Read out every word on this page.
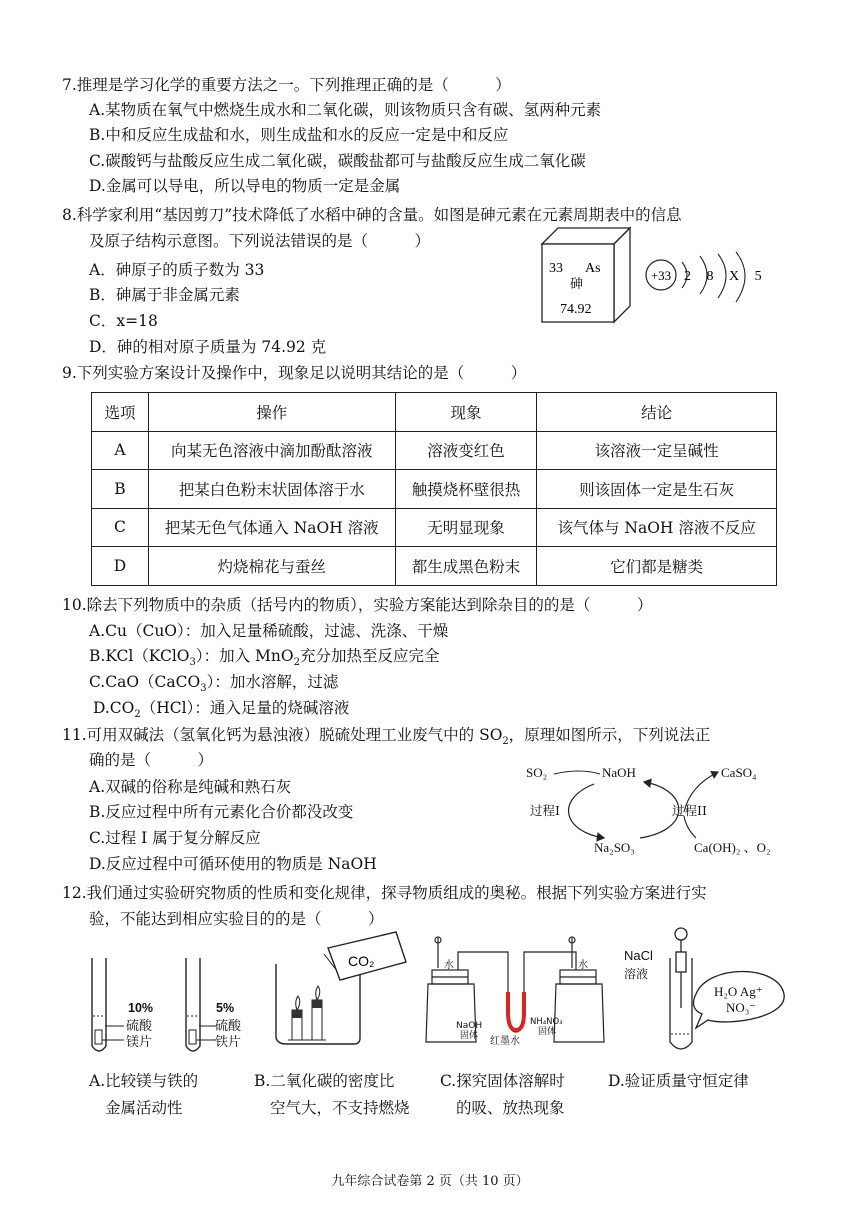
7.推理是学习化学的重要方法之一。下列推理正确的是（　　　）
A.某物质在氧气中燃烧生成水和二氧化碳，则该物质只含有碳、氢两种元素
B.中和反应生成盐和水，则生成盐和水的反应一定是中和反应
C.碳酸钙与盐酸反应生成二氧化碳，碳酸盐都可与盐酸反应生成二氧化碳
D.金属可以导电，所以导电的物质一定是金属
8.科学家利用“基因剪刀”技术降低了水稻中砷的含量。如图是砷元素在元素周期表中的信息
及原子结构示意图。下列说法错误的是（　　　）
A．砷原子的质子数为 33
B．砷属于非金属元素
C．x=18
D．砷的相对原子质量为 74.92 克
33 As
砷
74.92
+33 2 8 X 5
9.下列实验方案设计及操作中，现象足以说明其结论的是（　　　）
选项	操作	现象	结论
A	向某无色溶液中滴加酚酞溶液	溶液变红色	该溶液一定呈碱性
B	把某白色粉末状固体溶于水	触摸烧杯壁很热	则该固体一定是生石灰
C	把某无色气体通入 NaOH 溶液	无明显现象	该气体与 NaOH 溶液不反应
D	灼烧棉花与蚕丝	都生成黑色粉末	它们都是糖类
10.除去下列物质中的杂质（括号内的物质），实验方案能达到除杂目的的是（　　　）
A.Cu（CuO）：加入足量稀硫酸，过滤、洗涤、干燥
B.KCl（KClO$_3$）：加入 MnO$_2$充分加热至反应完全
C.CaO（CaCO$_3$）：加水溶解，过滤
$D.CO_2(HCl)$：通入足量的烧碱溶液
11.可用双碱法（氢氧化钙为悬浊液）脱硫处理工业废气中的 $SO_2$，原理如图所示，下列说法正
确的是（　　　）
A.双碱的俗称是纯碱和熟石灰
B.反应过程中所有元素化合价都没改变
C.过程 I 属于复分解反应
D.反应过程中可循环使用的物质是 NaOH
SO₂	NaOH	CaSO₄
过程I	过程II
Na₂SO₃	Ca(OH)₂ 、O₂
12.我们通过实验研究物质的性质和变化规律，探寻物质组成的奥秘。根据下列实验方案进行实
验，不能达到相应实验目的的是（　　　）
10%
硫酸
镁片
5%
硫酸
铁片
CO₂	水	水
NaOH
固体
NH₄NO₃
固体
红墨水
NaCl
溶液
H₂O Ag⁺
NO₃⁻
A.比较镁与铁的
金属活动性
B.二氧化碳的密度比
空气大，不支持燃烧
C.探究固体溶解时
的吸、放热现象
D.验证质量守恒定律
九年综合试卷第 2 页（共 10 页）
